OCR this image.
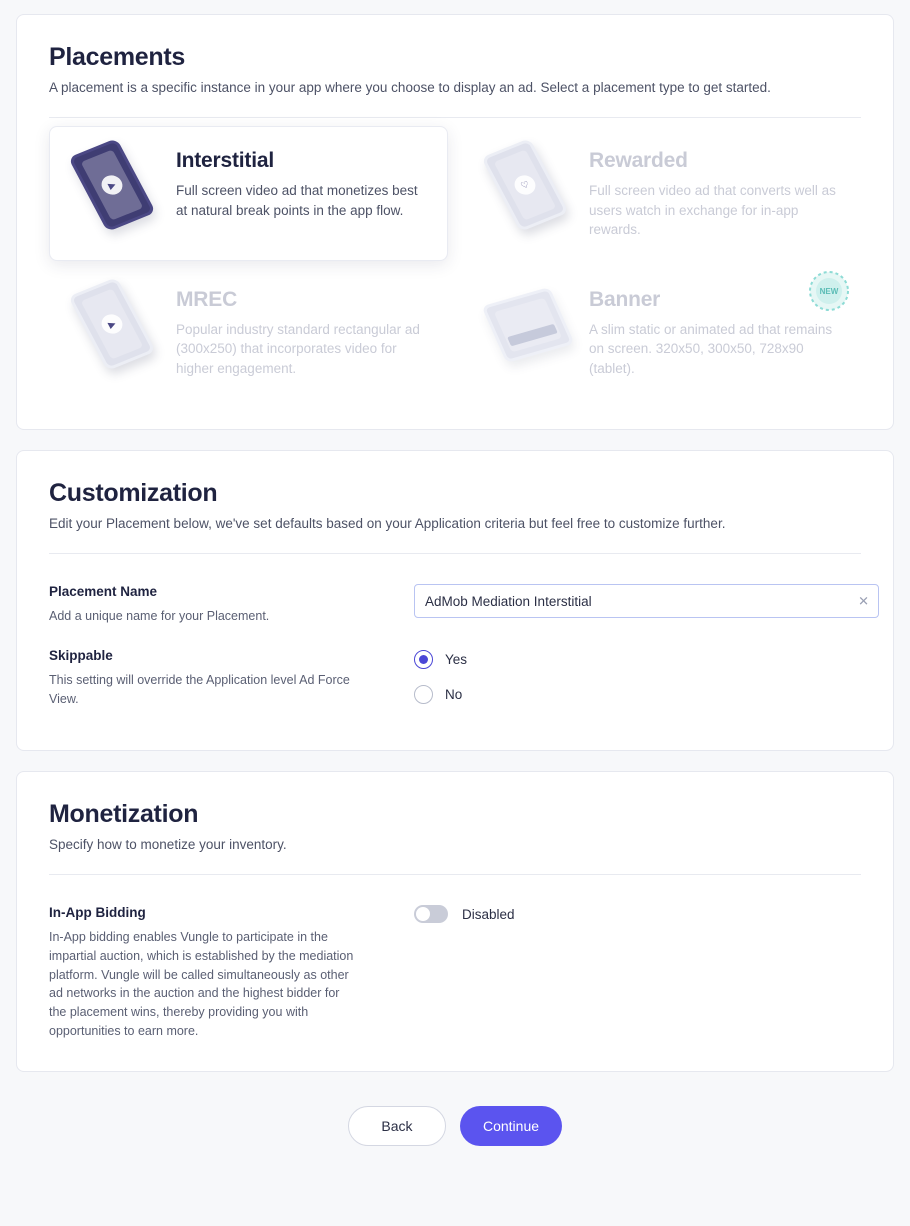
Placements

A placement is a specific instance in your app where you choose to display an ad. Select a placement type to get started.

▶
Interstitial

Full screen video ad that monetizes best at natural break points in the app flow.

♡
Rewarded

Full screen video ad that converts well as users watch in exchange for in-app rewards.

▶
MREC

Popular industry standard rectangular ad (300x250) that incorporates video for higher engagement.

Banner

A slim static or animated ad that remains on screen. 320x50, 300x50, 728x90 (tablet).

NEW
Customization

Edit your Placement below, we've set defaults based on your Application criteria but feel free to customize further.

Placement Name

Add a unique name for your Placement.

AdMob Mediation Interstitial
✕

Skippable

This setting will override the Application level Ad Force View.

Yes
No
Monetization

Specify how to monetize your inventory.

In-App Bidding

In-App bidding enables Vungle to participate in the impartial auction, which is established by the mediation platform. Vungle will be called simultaneously as other ad networks in the auction and the highest bidder for the placement wins, thereby providing you with opportunities to earn more.

Disabled
Back	Continue
